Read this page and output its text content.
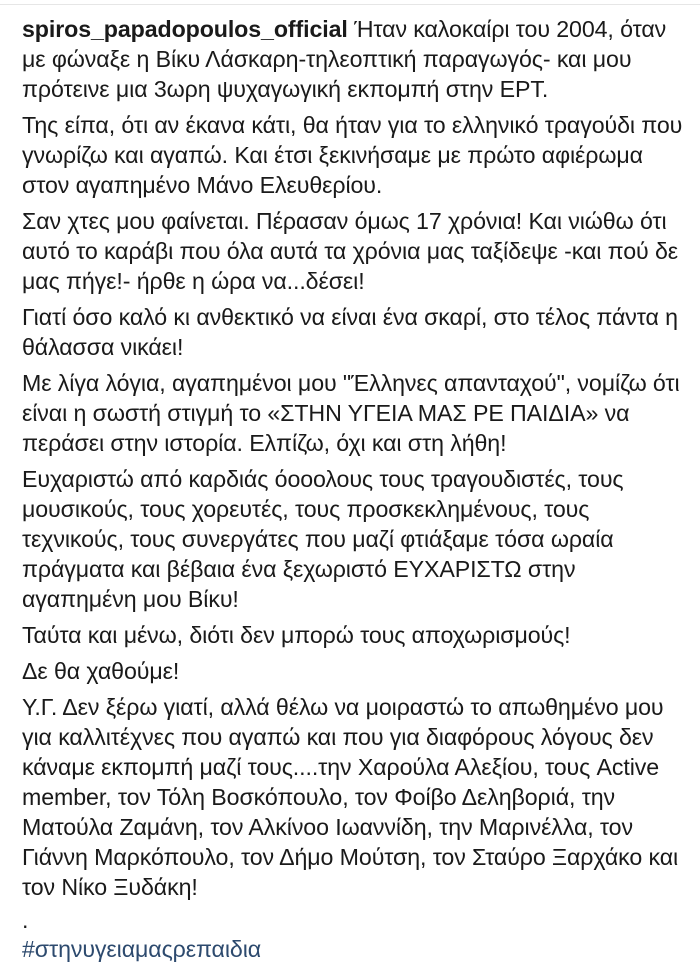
spiros_papadopoulos_official Ήταν καλοκαίρι του 2004, όταν με φώναξε η Βίκυ Λάσκαρη-τηλεοπτική παραγωγός- και μου πρότεινε μια 3ωρη ψυχαγωγική εκπομπή στην ΕΡΤ.

Της είπα, ότι αν έκανα κάτι, θα ήταν για το ελληνικό τραγούδι που γνωρίζω και αγαπώ. Και έτσι ξεκινήσαμε με πρώτο αφιέρωμα στον αγαπημένο Μάνο Ελευθερίου.

Σαν χτες μου φαίνεται. Πέρασαν όμως 17 χρόνια! Και νιώθω ότι αυτό το καράβι που όλα αυτά τα χρόνια μας ταξίδεψε -και πού δε μας πήγε!- ήρθε η ώρα να...δέσει!

Γιατί όσο καλό κι ανθεκτικό να είναι ένα σκαρί, στο τέλος πάντα η θάλασσα νικάει!

Με λίγα λόγια, αγαπημένοι μου "Έλληνες απανταχού", νομίζω ότι είναι η σωστή στιγμή το «ΣΤΗΝ ΥΓΕΙΑ ΜΑΣ ΡΕ ΠΑΙΔΙΑ» να περάσει στην ιστορία. Ελπίζω, όχι και στη λήθη!

Ευχαριστώ από καρδιάς όοοολους τους τραγουδιστές, τους μουσικούς, τους χορευτές, τους προσκεκλημένους, τους τεχνικούς, τους συνεργάτες που μαζί φτιάξαμε τόσα ωραία πράγματα και βέβαια ένα ξεχωριστό ΕΥΧΑΡΙΣΤΩ στην αγαπημένη μου Βίκυ!

Ταύτα και μένω, διότι δεν μπορώ τους αποχωρισμούς!

Δε θα χαθούμε!

Υ.Γ. Δεν ξέρω γιατί, αλλά θέλω να μοιραστώ το απωθημένο μου για καλλιτέχνες που αγαπώ και που για διαφόρους λόγους δεν κάναμε εκπομπή μαζί τους....την Χαρούλα Αλεξίου, τους Active member, τον Τόλη Βοσκόπουλο, τον Φοίβο Δεληβοριά, την Ματούλα Ζαμάνη, τον Αλκίνοο Ιωαννίδη, την Μαρινέλλα, τον Γιάννη Μαρκόπουλο, τον Δήμο Μούτση, τον Σταύρο Ξαρχάκο και τον Νίκο Ξυδάκη!

.
#στηνυγειαμαςρεπαιδια
